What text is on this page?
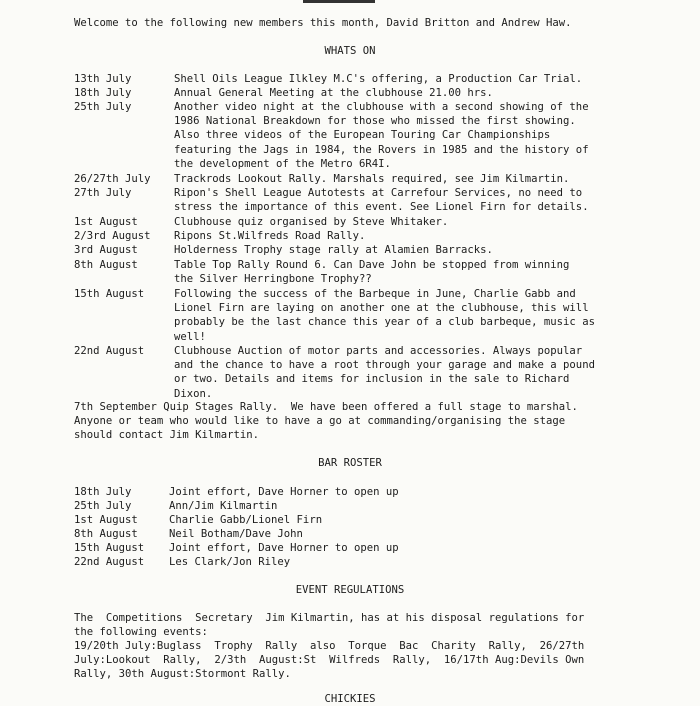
Welcome to the following new members this month, David Britton and Andrew Haw.
WHATS ON
13th July	Shell Oils League Ilkley M.C's offering, a Production Car Trial.
18th July	Annual General Meeting at the clubhouse 21.00 hrs.
25th July	Another video night at the clubhouse with a second showing of the
1986 National Breakdown for those who missed the first showing.
Also three videos of the European Touring Car Championships
featuring the Jags in 1984, the Rovers in 1985 and the history of
the development of the Metro 6R4I.
26/27th July	Trackrods Lookout Rally. Marshals required, see Jim Kilmartin.
27th July	Ripon's Shell League Autotests at Carrefour Services, no need to
stress the importance of this event. See Lionel Firn for details.
1st August	Clubhouse quiz organised by Steve Whitaker.
2/3rd August	Ripons St.Wilfreds Road Rally.
3rd August	Holderness Trophy stage rally at Alamien Barracks.
8th August	Table Top Rally Round 6. Can Dave John be stopped from winning
the Silver Herringbone Trophy??
15th August	Following the success of the Barbeque in June, Charlie Gabb and
Lionel Firn are laying on another one at the clubhouse, this will
probably be the last chance this year of a club barbeque, music as
well!
22nd August	Clubhouse Auction of motor parts and accessories. Always popular
and the chance to have a root through your garage and make a pound
or two. Details and items for inclusion in the sale to Richard
Dixon.
7th September Quip Stages Rally.  We have been offered a full stage to marshal.
Anyone or team who would like to have a go at commanding/organising the stage
should contact Jim Kilmartin.
BAR ROSTER
18th July	Joint effort, Dave Horner to open up
25th July	Ann/Jim Kilmartin
1st August	Charlie Gabb/Lionel Firn
8th August	Neil Botham/Dave John
15th August	Joint effort, Dave Horner to open up
22nd August	Les Clark/Jon Riley
EVENT REGULATIONS
The  Competitions  Secretary  Jim Kilmartin, has at his disposal regulations for
the following events:
19/20th July:Buglass  Trophy  Rally  also  Torque  Bac  Charity  Rally,  26/27th
July:Lookout  Rally,  2/3th  August:St  Wilfreds  Rally,  16/17th Aug:Devils Own
Rally, 30th August:Stormont Rally.
CHICKIES
